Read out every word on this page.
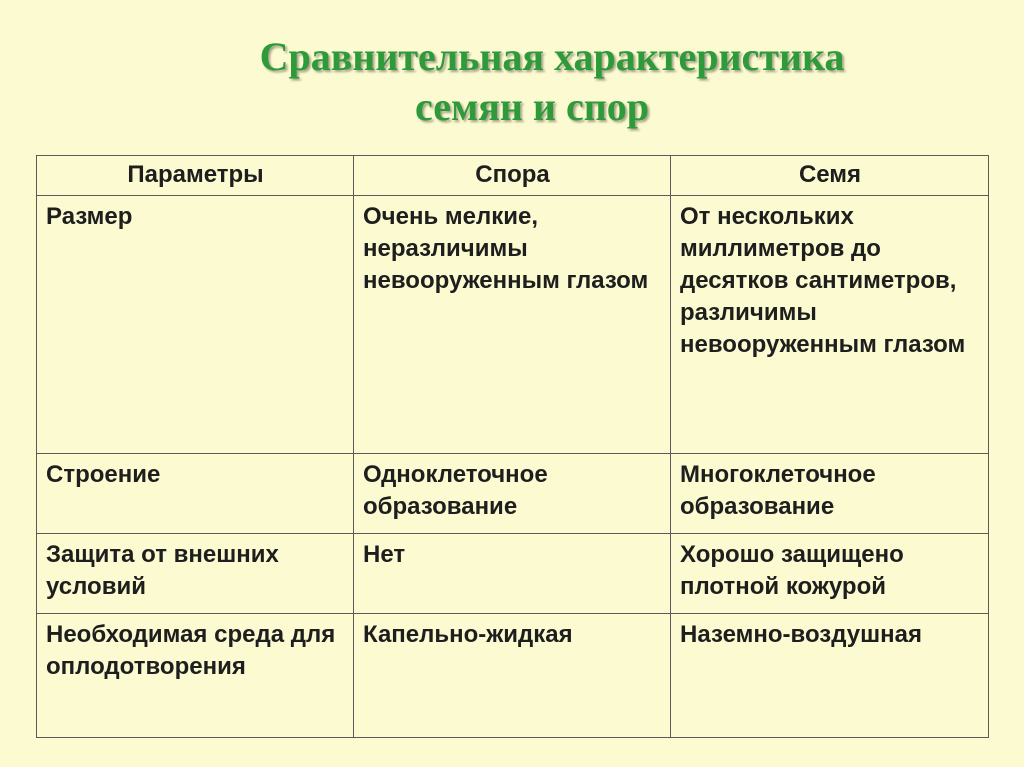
Сравнительная характеристика
семян и спор
Параметры	Спора	Семя
Размер	Очень мелкие, неразличимы невооруженным глазом	От нескольких миллиметров до десятков сантиметров, различимы невооруженным глазом
Строение	Одноклеточное образование	Многоклеточное образование
Защита от внешних условий	Нет	Хорошо защищено плотной кожурой
Необходимая среда для оплодотворения	Капельно-жидкая	Наземно-воздушная
